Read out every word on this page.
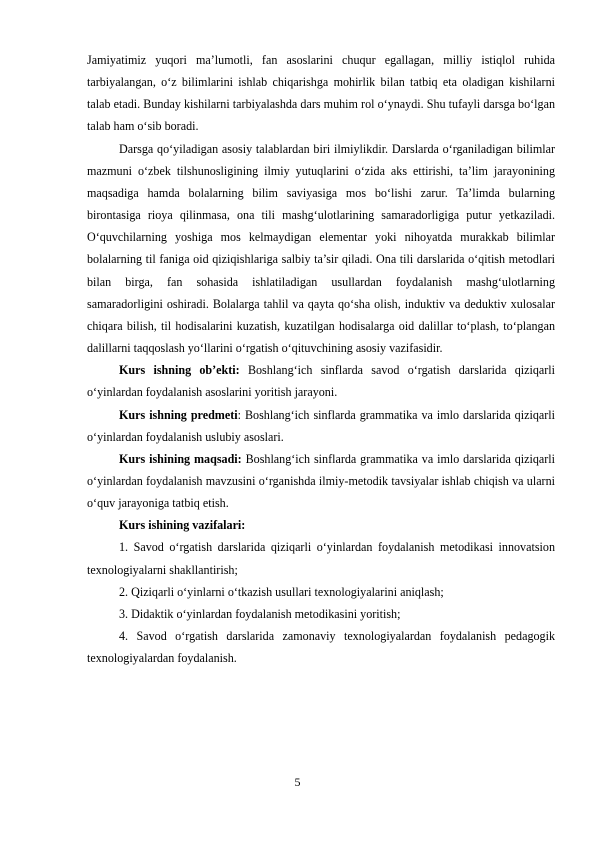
Jamiyatimiz yuqori ma’lumotli, fan asoslarini chuqur egallagan, milliy istiqlol ruhida tarbiyalangan, o‘z bilimlarini ishlab chiqarishga mohirlik bilan tatbiq eta oladigan kishilarni talab etadi. Bunday kishilarni tarbiyalashda dars muhim rol o‘ynaydi. Shu tufayli darsga bo‘lgan talab ham o‘sib boradi.

Darsga qo‘yiladigan asosiy talablardan biri ilmiylikdir. Darslarda o‘rganiladigan bilimlar mazmuni o‘zbek tilshunosligining ilmiy yutuqlarini o‘zida aks ettirishi, ta’lim jarayonining maqsadiga hamda bolalarning bilim saviyasiga mos bo‘lishi zarur. Ta’limda bularning birontasiga rioya qilinmasa, ona tili mashg‘ulotlarining samaradorligiga putur yetkaziladi. O‘quvchilarning yoshiga mos kelmaydigan elementar yoki nihoyatda murakkab bilimlar bolalarning til faniga oid qiziqishlariga salbiy ta’sir qiladi. Ona tili darslarida o‘qitish metodlari bilan birga, fan sohasida ishlatiladigan usullardan foydalanish mashg‘ulotlarning samaradorligini oshiradi. Bolalarga tahlil va qayta qo‘sha olish, induktiv va deduktiv xulosalar chiqara bilish, til hodisalarini kuzatish, kuzatilgan hodisalarga oid dalillar to‘plash, to‘plangan dalillarni taqqoslash yo‘llarini o‘rgatish o‘qituvchining asosiy vazifasidir.

Kurs ishning ob’ekti: Boshlang‘ich sinflarda savod o‘rgatish darslarida qiziqarli o‘yinlardan foydalanish asoslarini yoritish jarayoni.

Kurs ishning predmeti: Boshlang‘ich sinflarda grammatika va imlo darslarida qiziqarli o‘yinlardan foydalanish uslubiy asoslari.

Kurs ishining maqsadi: Boshlang‘ich sinflarda grammatika va imlo darslarida qiziqarli o‘yinlardan foydalanish mavzusini o‘rganishda ilmiy-metodik tavsiyalar ishlab chiqish va ularni o‘quv jarayoniga tatbiq etish.

Kurs ishining vazifalari:

1. Savod o‘rgatish darslarida qiziqarli o‘yinlardan foydalanish metodikasi innovatsion texnologiyalarni shakllantirish;

2. Qiziqarli o‘yinlarni o‘tkazish usullari texnologiyalarini aniqlash;

3. Didaktik o‘yinlardan foydalanish metodikasini yoritish;

4. Savod o‘rgatish darslarida zamonaviy texnologiyalardan foydalanish pedagogik texnologiyalardan foydalanish.

5
